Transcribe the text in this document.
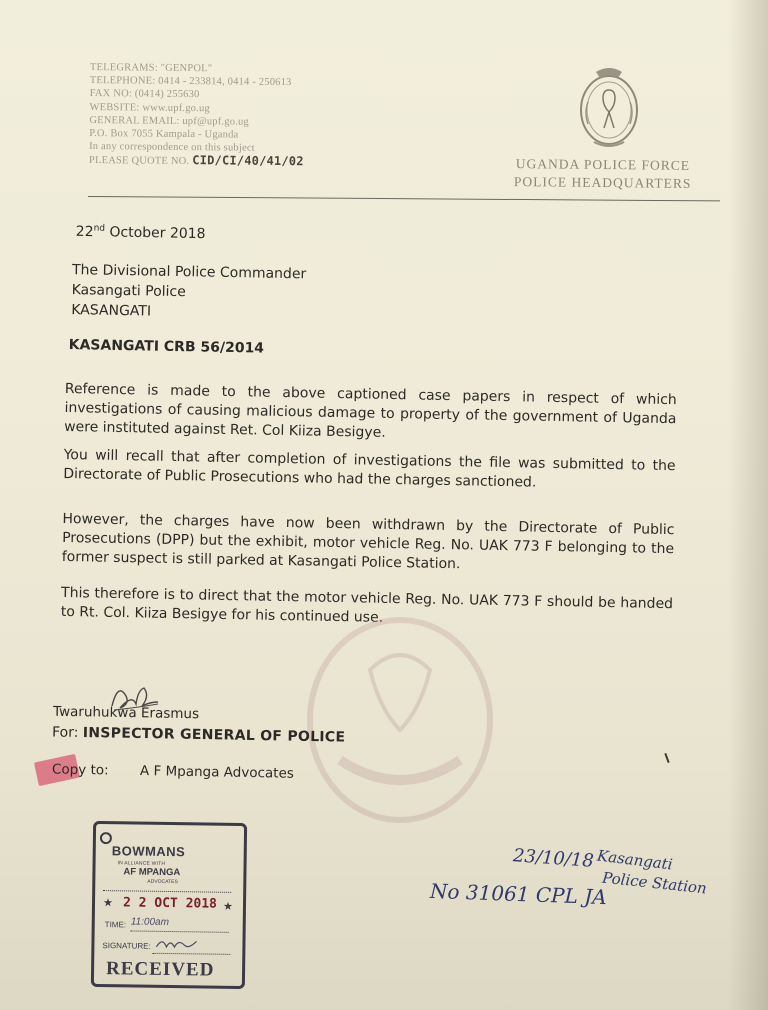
TELEGRAMS: "GENPOL"
TELEPHONE: 0414 - 233814, 0414 - 250613
FAX NO: (0414) 255630
WEBSITE: www.upf.go.ug
GENERAL EMAIL: upf@upf.go.ug
P.O. Box 7055 Kampala - Uganda
In any correspondence on this subject
PLEASE QUOTE NO. CID/CI/40/41/02	UGANDA POLICE FORCE
POLICE HEADQUARTERS
22nd October 2018
The Divisional Police Commander
Kasangati Police
KASANGATI
KASANGATI CRB 56/2014
Reference is made to the above captioned case papers in respect of which investigations of causing malicious damage to property of the government of Uganda were instituted against Ret. Col Kiiza Besigye.
You will recall that after completion of investigations the file was submitted to the Directorate of Public Prosecutions who had the charges sanctioned.
However, the charges have now been withdrawn by the Directorate of Public Prosecutions (DPP) but the exhibit, motor vehicle Reg. No. UAK 773 F belonging to the former suspect is still parked at Kasangati Police Station.
This therefore is to direct that the motor vehicle Reg. No. UAK 773 F should be handed to Rt. Col. Kiiza Besigye for his continued use.
Twaruhukwa Erasmus
For: INSPECTOR GENERAL OF POLICE
Copy to: A F Mpanga Advocates
BOWMANS
IN ALLIANCE WITH
AF MPANGA
ADVOCATES
★ 2 2 OCT 2018 ★
TIME: 11:00am
SIGNATURE:
RECEIVED
23/10/18 Kasangati
Police Station
No 31061 CPL JA
